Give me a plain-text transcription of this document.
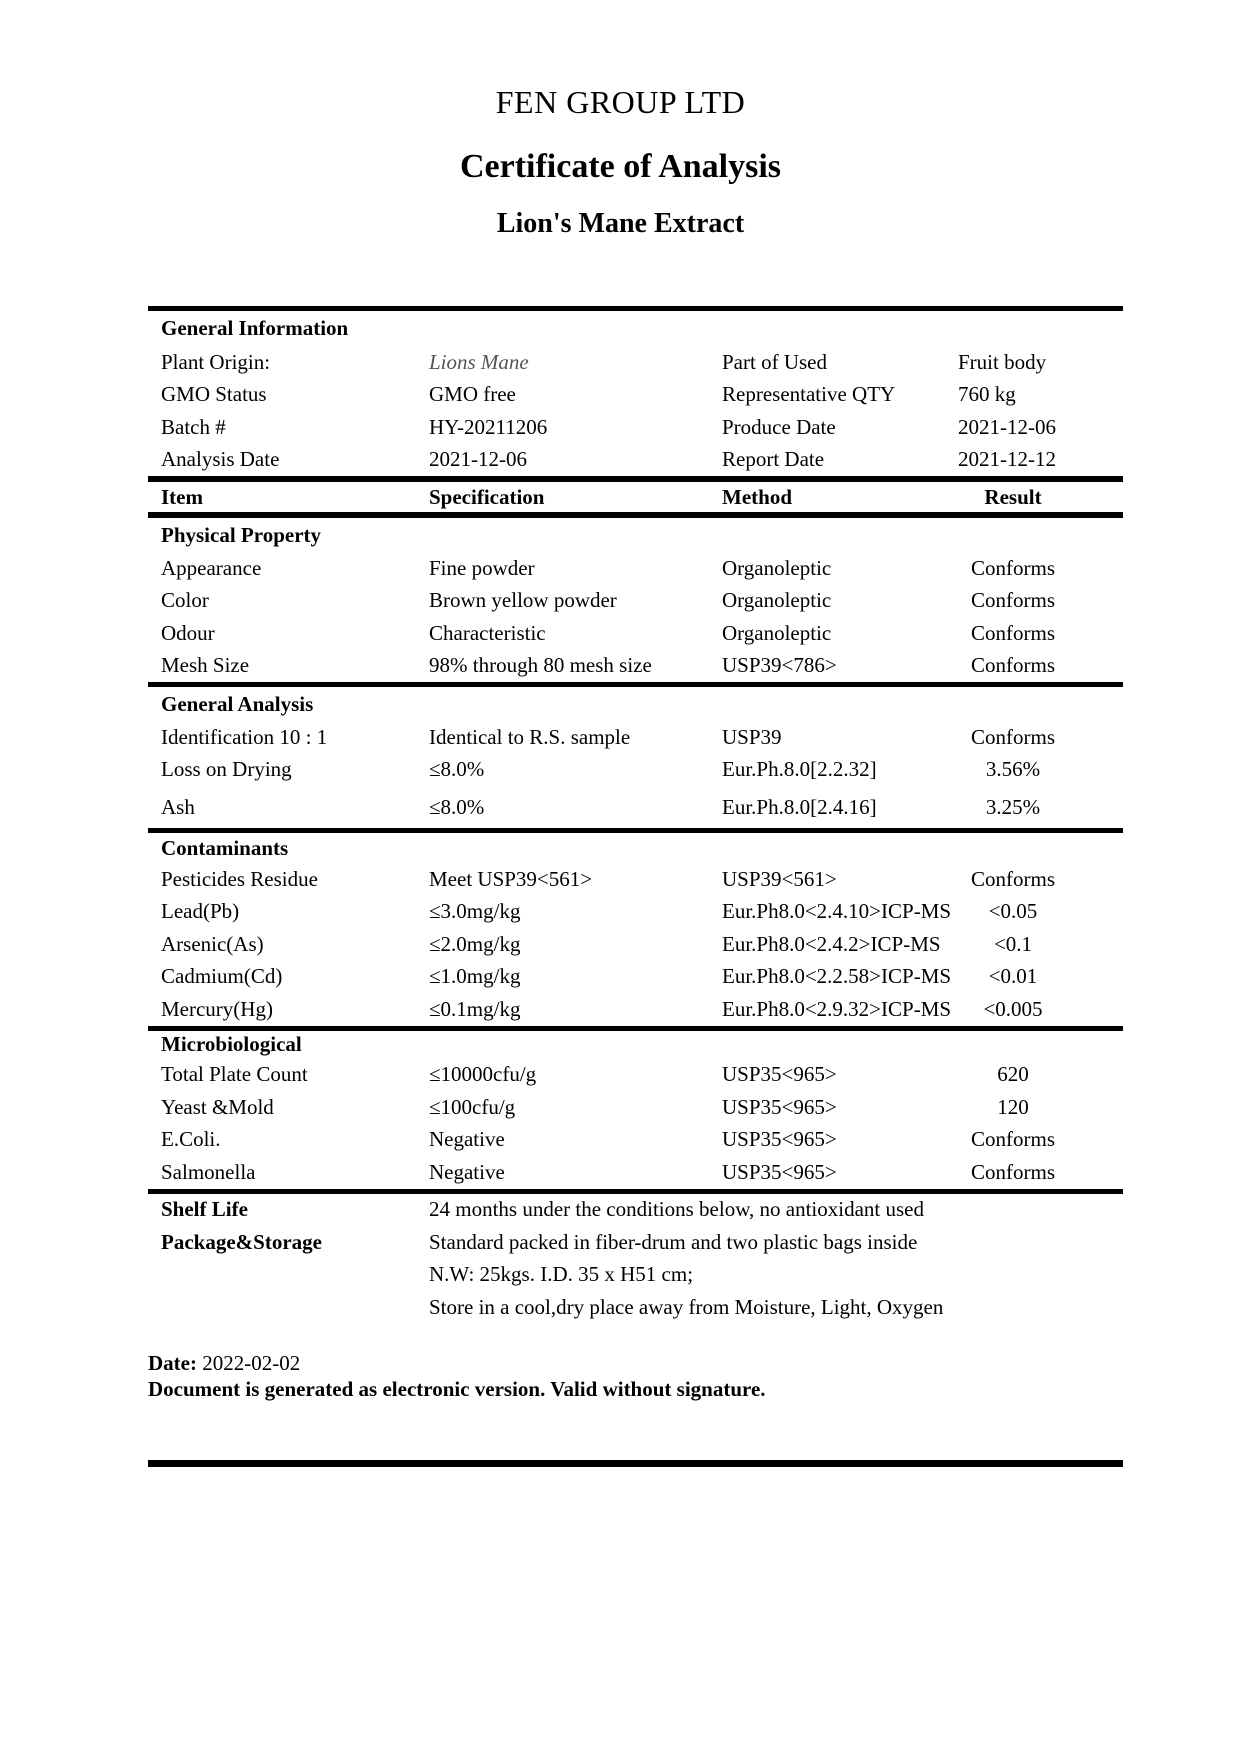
FEN GROUP LTD
Certificate of Analysis
Lion's Mane Extract
General Information
Plant Origin:	Lions Mane	Part of Used	Fruit body
GMO Status	GMO free	Representative QTY	760 kg
Batch #	HY-20211206	Produce Date	2021-12-06
Analysis Date	2021-12-06	Report Date	2021-12-12
Item	Specification	Method	Result
Physical Property
Appearance	Fine powder	Organoleptic	Conforms
Color	Brown yellow powder	Organoleptic	Conforms
Odour	Characteristic	Organoleptic	Conforms
Mesh Size	98% through 80 mesh size	USP39<786>	Conforms
General Analysis
Identification 10 : 1	Identical to R.S. sample	USP39	Conforms
Loss on Drying	≤8.0%	Eur.Ph.8.0[2.2.32]	3.56%
Ash	≤8.0%	Eur.Ph.8.0[2.4.16]	3.25%
Contaminants
Pesticides Residue	Meet USP39<561>	USP39<561>	Conforms
Lead(Pb)	≤3.0mg/kg	Eur.Ph8.0<2.4.10>ICP-MS	<0.05
Arsenic(As)	≤2.0mg/kg	Eur.Ph8.0<2.4.2>ICP-MS	<0.1
Cadmium(Cd)	≤1.0mg/kg	Eur.Ph8.0<2.2.58>ICP-MS	<0.01
Mercury(Hg)	≤0.1mg/kg	Eur.Ph8.0<2.9.32>ICP-MS	<0.005
Microbiological
Total Plate Count	≤10000cfu/g	USP35<965>	620
Yeast &Mold	≤100cfu/g	USP35<965>	120
E.Coli.	Negative	USP35<965>	Conforms
Salmonella	Negative	USP35<965>	Conforms
Shelf Life	24 months under the conditions below, no antioxidant used
Package&Storage	Standard packed in fiber-drum and two plastic bags inside
N.W: 25kgs. I.D. 35 x H51 cm;
Store in a cool,dry place away from Moisture, Light, Oxygen
Date: 2022-02-02
Document is generated as electronic version. Valid without signature.
